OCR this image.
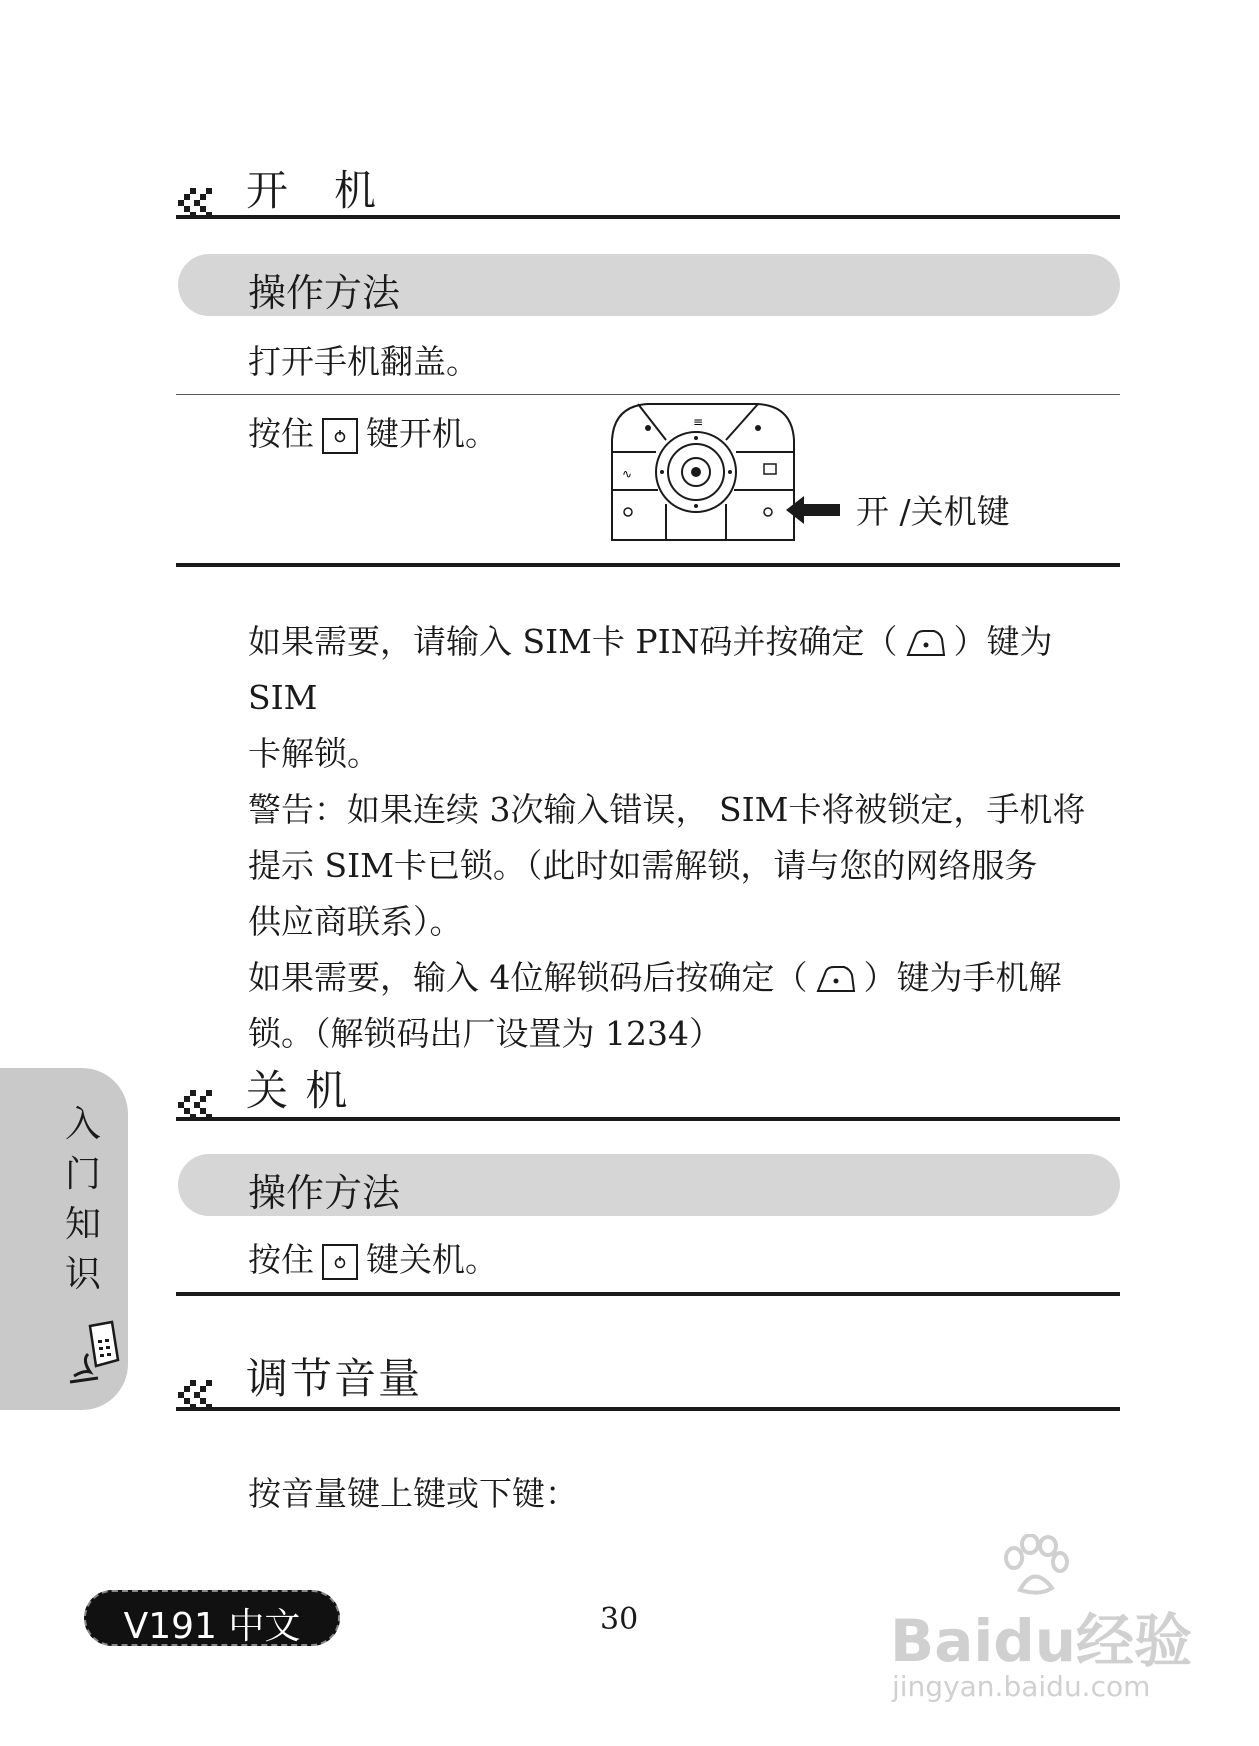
开　机
操作方法
打开手机翻盖。
按住 键开机。	≡
∿
开 /关机键
如果需要，请输入 SIM卡 PIN码并按确定（ ）键为 SIM
卡解锁。
警告：如果连续 3次输入错误， SIM卡将被锁定，手机将
提示 SIM卡已锁。（此时如需解锁，请与您的网络服务
供应商联系）。
如果需要，输入 4位解锁码后按确定（ ）键为手机解
锁。（解锁码出厂设置为 1234）
关 机
操作方法
按住 键关机。
调节音量
按音量键上键或下键：
入
门
知
识
V191 中文	30	Baidu经验
jingyan.baidu.com
